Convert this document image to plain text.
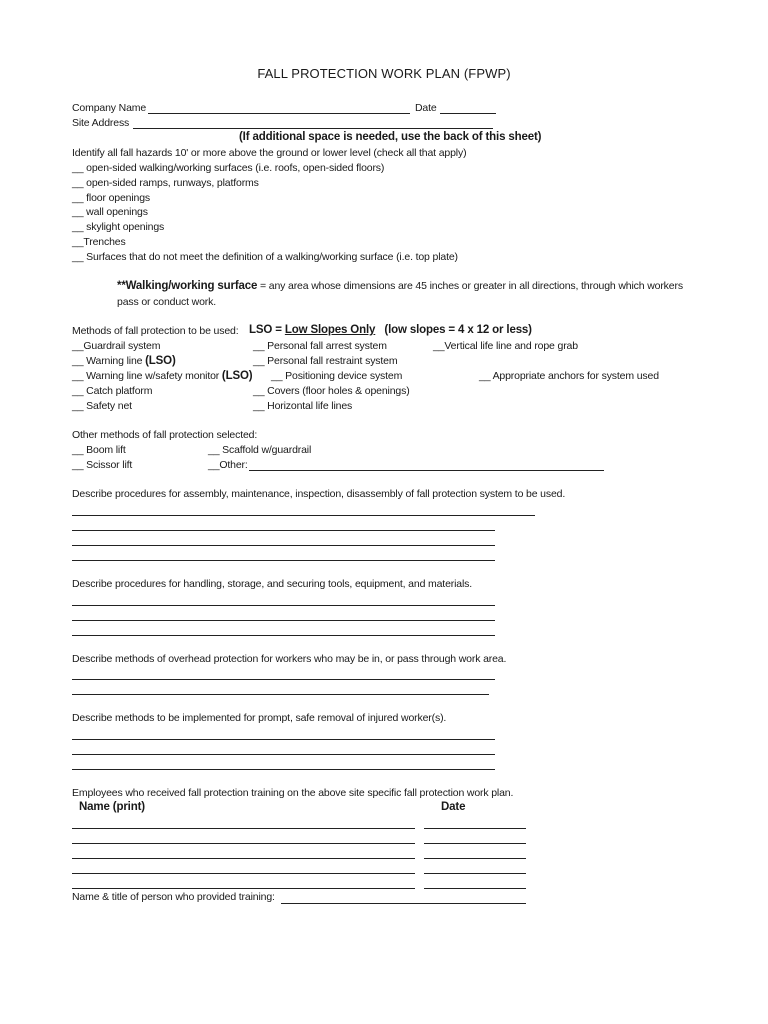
FALL PROTECTION WORK PLAN (FPWP)
Company Name	Date
Site Address
(If additional space is needed, use the back of this sheet)
Identify all fall hazards 10' or more above the ground or lower level (check all that apply)
__ open-sided walking/working surfaces (i.e. roofs, open-sided floors)
__ open-sided ramps, runways, platforms
__ floor openings
__ wall openings
__ skylight openings
__Trenches
__ Surfaces that do not meet the definition of a walking/working surface (i.e. top plate)
**Walking/working surface = any area whose dimensions are 45 inches or greater in all directions, through which workers
pass or conduct work.
Methods of fall protection to be used: LSO = Low Slopes Only (low slopes = 4 x 12 or less)
__Guardrail system
__ Warning line (LSO)
__ Warning line w/safety monitor (LSO)
__ Catch platform
__ Safety net
__ Personal fall arrest system
__ Personal fall restraint system
__ Positioning device system
__ Covers (floor holes & openings)
__ Horizontal life lines
__Vertical life line and rope grab
__ Appropriate anchors for system used
Other methods of fall protection selected:
__ Boom lift
__ Scissor lift
__ Scaffold w/guardrail
__Other:
Describe procedures for assembly, maintenance, inspection, disassembly of fall protection system to be used.
Describe procedures for handling, storage, and securing tools, equipment, and materials.
Describe methods of overhead protection for workers who may be in, or pass through work area.
Describe methods to be implemented for prompt, safe removal of injured worker(s).
Employees who received fall protection training on the above site specific fall protection work plan.
Name (print)	Date
Name & title of person who provided training:
